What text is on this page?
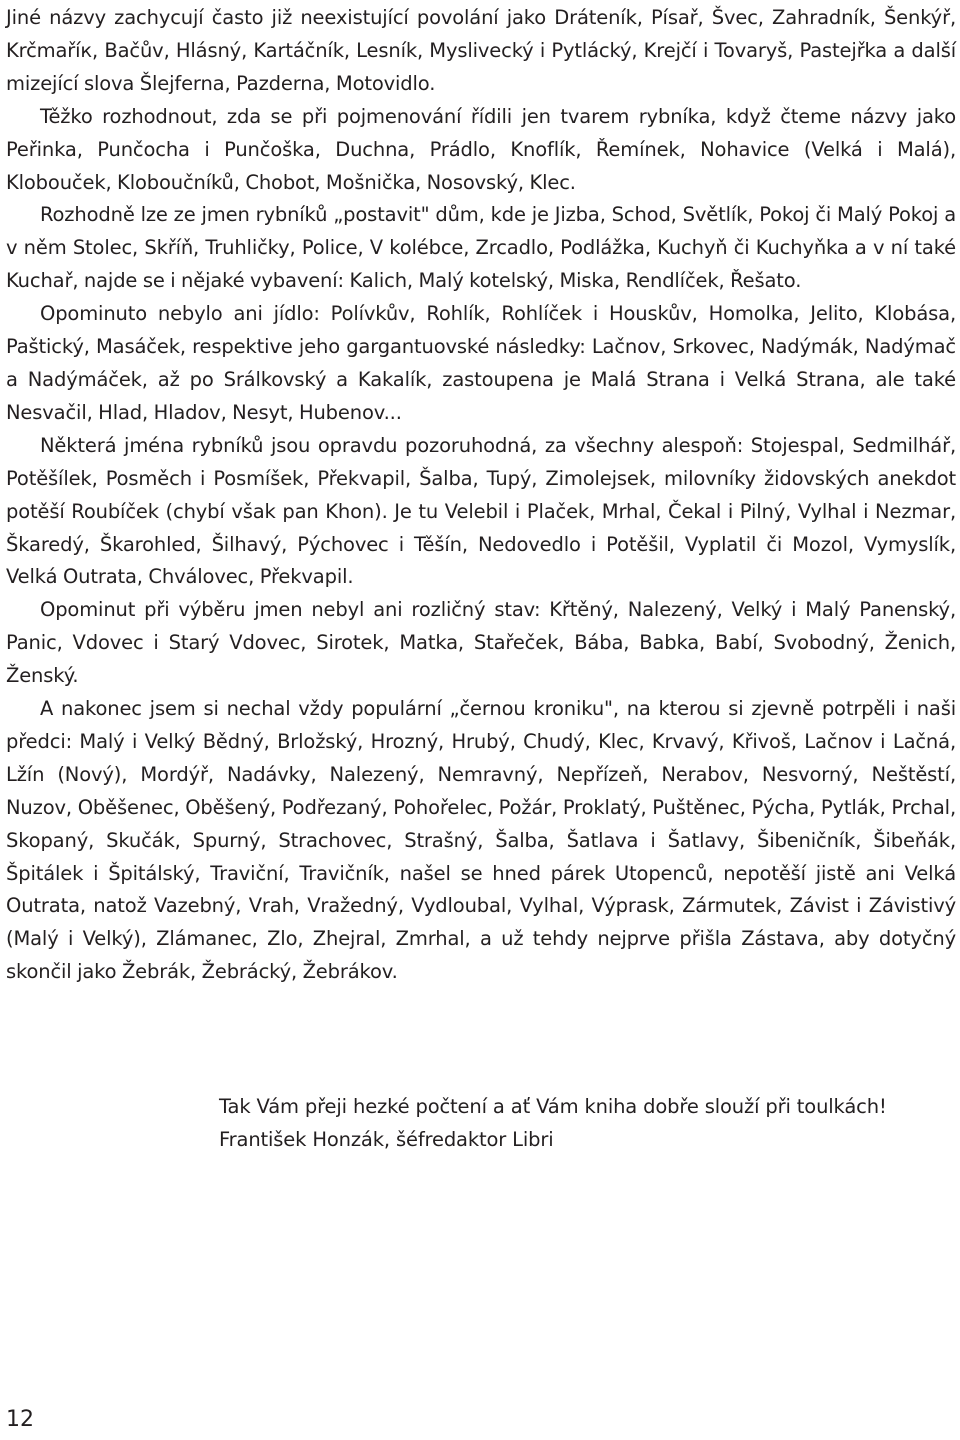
Jiné názvy zachycují často již neexistující povolání jako Dráteník, Písař, Švec, Zahradník, Šenkýř, Krčmaříк, Bačův, Hlásný, Kartáčník, Lesník, Myslivecký i Pytlácký, Krejčí i Tovaryš, Pastejřka a další mizející slova Šlejferna, Pazderna, Motovidlo.

Těžko rozhodnout, zda se při pojmenování řídili jen tvarem rybníka, když čteme názvy jako Peřinka, Punčocha i Punčoška, Duchna, Prádlo, Knoflík, Řemínek, Nohavice (Velká i Malá), Klobouček, Kloboučníků, Chobot, Mošnička, Nosovský, Klec.

Rozhodně lze ze jmen rybníků „postavit" dům, kde je Jizba, Schod, Světlík, Pokoj či Malý Pokoj a v něm Stolec, Skříň, Truhličky, Police, V kolébce, Zrcadlo, Podlážka, Kuchyň či Kuchyňka a v ní také Kuchař, najde se i nějaké vybavení: Kalich, Malý kotelský, Miska, Rendlíček, Řešato.

Opominuto nebylo ani jídlo: Polívkův, Rohlík, Rohlíček i Houskův, Homolka, Jelito, Klobása, Paštický, Masáček, respektive jeho gargantuovské následky: Lačnov, Srkovec, Nadýmák, Nadýmač a Nadýmáček, až po Srálkovský a Kakalík, zastoupena je Malá Strana i Velká Strana, ale také Nesvačil, Hlad, Hladov, Nesyt, Hubenov...

Některá jména rybníků jsou opravdu pozoruhodná, za všechny alespoň: Stojespal, Sedmilhář, Potěšílek, Posměch i Posmíšek, Překvapil, Šalba, Tupý, Zimolejsek, milovníky židovských anekdot potěší Roubíček (chybí však pan Khon). Je tu Velebil i Plaček, Mrhal, Čekal i Pilný, Vylhal i Nezmar, Škaredý, Škarohled, Šilhavý, Pýchovec i Těšín, Nedovedlo i Potěšil, Vyplatil či Mozol, Vymyslík, Velká Outrata, Chválovec, Překvapil.

Opominut při výběru jmen nebyl ani rozličný stav: Křtěný, Nalezený, Velký i Malý Panenský, Panic, Vdovec i Starý Vdovec, Sirotek, Matka, Stařeček, Bába, Babka, Babí, Svobodný, Ženich, Ženský.

A nakonec jsem si nechal vždy populární „černou kroniku", na kterou si zjevně potrpěli i naši předci: Malý i Velký Bědný, Brložský, Hrozný, Hrubý, Chudý, Klec, Krvavý, Křivoš, Lačnov i Lačná, Lžín (Nový), Mordýř, Nadávky, Nalezený, Nemravný, Nepřízeň, Nerabov, Nesvorný, Neštěstí, Nuzov, Oběšenec, Oběšený, Podřezaný, Pohořelec, Požár, Proklatý, Puštěnec, Pýcha, Pytlák, Prchal, Skopaný, Skučák, Spurný, Strachovec, Strašný, Šalba, Šatlava i Šatlavy, Šibeničník, Šibeňák, Špitálek i Špitálský, Traviční, Travičník, našel se hned párek Utopenců, nepotěší jistě ani Velká Outrata, natož Vazebný, Vrah, Vražedný, Vydloubal, Vylhal, Výprask, Zármutek, Závist i Závistivý (Malý i Velký), Zlámanec, Zlo, Zhejral, Zmrhal, a už tehdy nejprve přišla Zástava, aby dotyčný skončil jako Žebrák, Žebrácký, Žebrákov.

Tak Vám přeji hezké počtení a ať Vám kniha dobře slouží při toulkách!
František Honzák, šéfredaktor Libri
12
